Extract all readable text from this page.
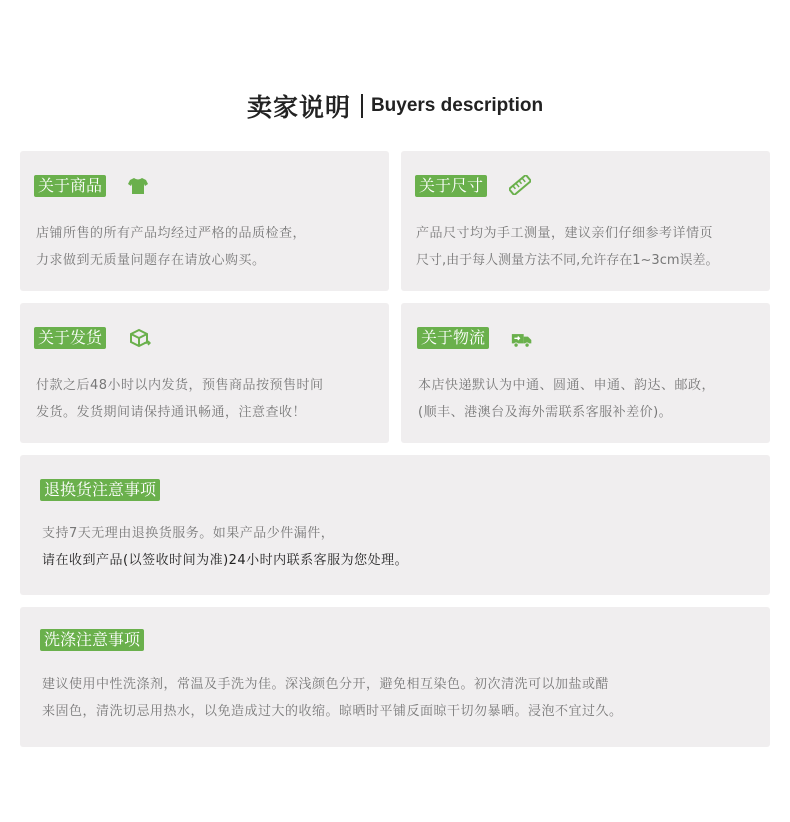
卖家说明 Buyers description
关于商品
店铺所售的所有产品均经过严格的品质检查，
力求做到无质量问题存在请放心购买。
关于尺寸
产品尺寸均为手工测量，建议亲们仔细参考详情页
尺寸,由于每人测量方法不同,允许存在1~3cm误差。
关于发货
付款之后48小时以内发货，预售商品按预售时间
发货。发货期间请保持通讯畅通，注意查收！
关于物流
本店快递默认为中通、圆通、申通、韵达、邮政，
(顺丰、港澳台及海外需联系客服补差价)。
退换货注意事项
支持7天无理由退换货服务。如果产品少件漏件，
请在收到产品(以签收时间为准)24小时内联系客服为您处理。
洗涤注意事项
建议使用中性洗涤剂，常温及手洗为佳。深浅颜色分开，避免相互染色。初次清洗可以加盐或醋
来固色，清洗切忌用热水，以免造成过大的收缩。晾晒时平铺反面晾干切勿暴晒。浸泡不宜过久。
